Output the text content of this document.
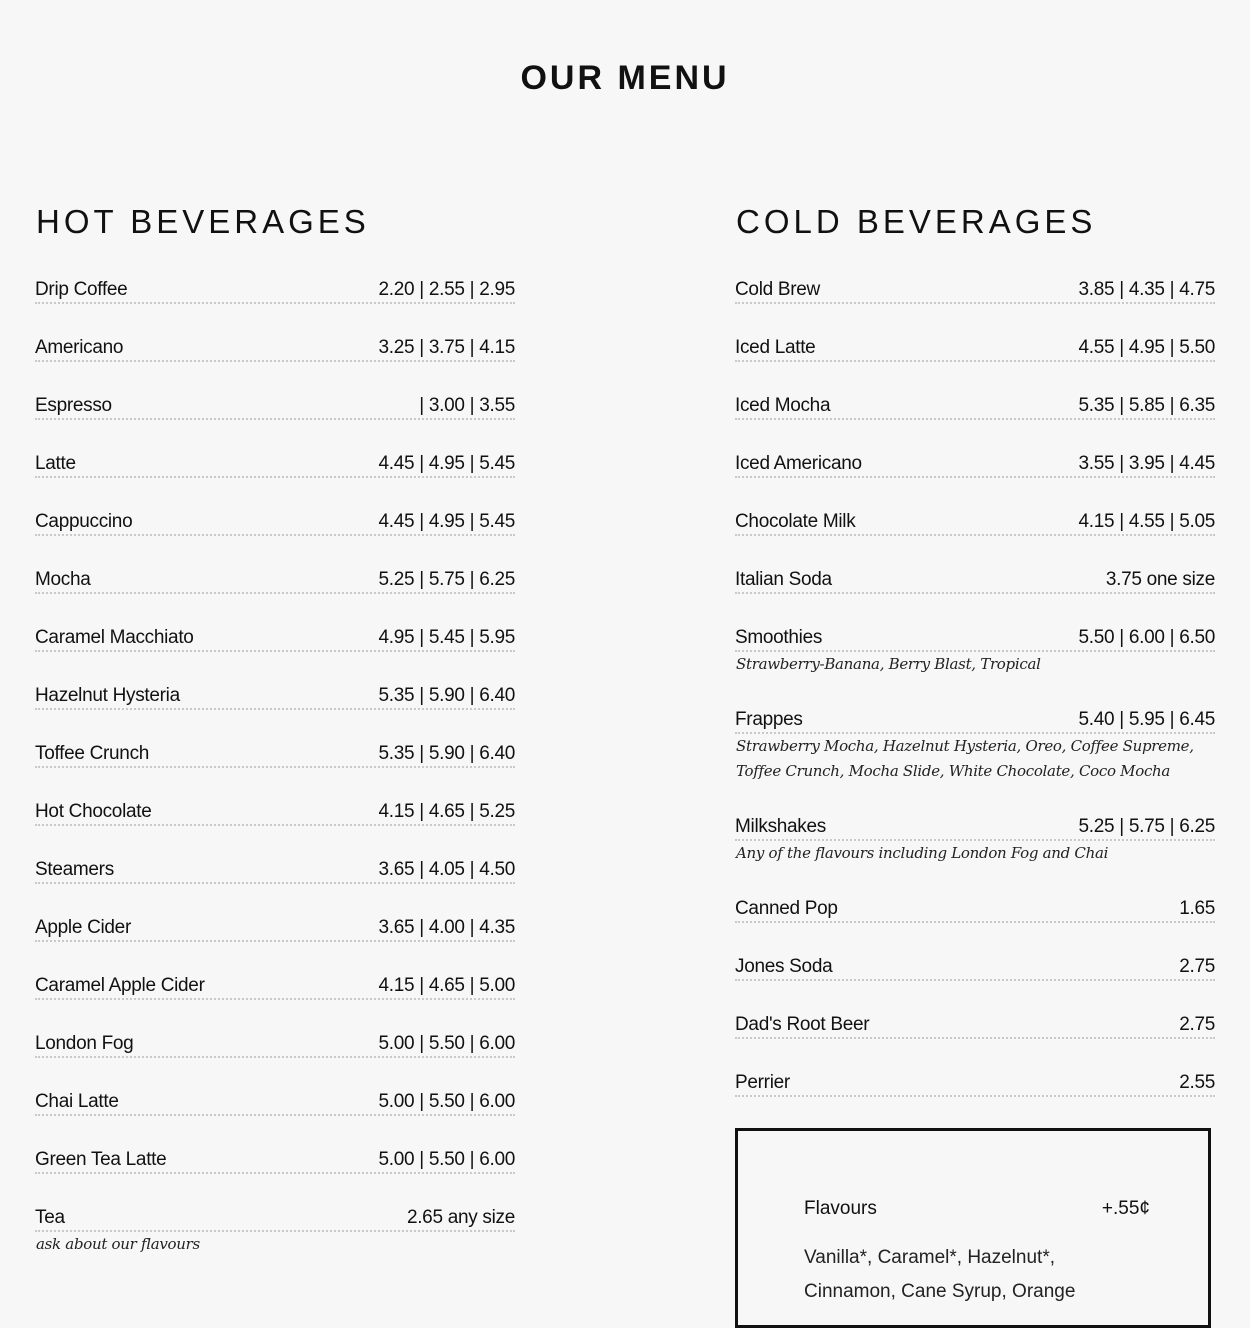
OUR MENU
HOT BEVERAGES
Drip Coffee	2.20 | 2.55 | 2.95
Americano	3.25 | 3.75 | 4.15
Espresso	| 3.00 | 3.55
Latte	4.45 | 4.95 | 5.45
Cappuccino	4.45 | 4.95 | 5.45
Mocha	5.25 | 5.75 | 6.25
Caramel Macchiato	4.95 | 5.45 | 5.95
Hazelnut Hysteria	5.35 | 5.90 | 6.40
Toffee Crunch	5.35 | 5.90 | 6.40
Hot Chocolate	4.15 | 4.65 | 5.25
Steamers	3.65 | 4.05 | 4.50
Apple Cider	3.65 | 4.00 | 4.35
Caramel Apple Cider	4.15 | 4.65 | 5.00
London Fog	5.00 | 5.50 | 6.00
Chai Latte	5.00 | 5.50 | 6.00
Green Tea Latte	5.00 | 5.50 | 6.00
Tea	2.65 any size
ask about our flavours
COLD BEVERAGES
Cold Brew	3.85 | 4.35 | 4.75
Iced Latte	4.55 | 4.95 | 5.50
Iced Mocha	5.35 | 5.85 | 6.35
Iced Americano	3.55 | 3.95 | 4.45
Chocolate Milk	4.15 | 4.55 | 5.05
Italian Soda	3.75 one size
Smoothies	5.50 | 6.00 | 6.50
Strawberry-Banana, Berry Blast, Tropical
Frappes	5.40 | 5.95 | 6.45
Strawberry Mocha, Hazelnut Hysteria, Oreo, Coffee Supreme, Toffee Crunch, Mocha Slide, White Chocolate, Coco Mocha
Milkshakes	5.25 | 5.75 | 6.25
Any of the flavours including London Fog and Chai
Canned Pop	1.65
Jones Soda	2.75
Dad's Root Beer	2.75
Perrier	2.55
Flavours	+.55¢
Vanilla*, Caramel*, Hazelnut*, Cinnamon, Cane Syrup, Orange
